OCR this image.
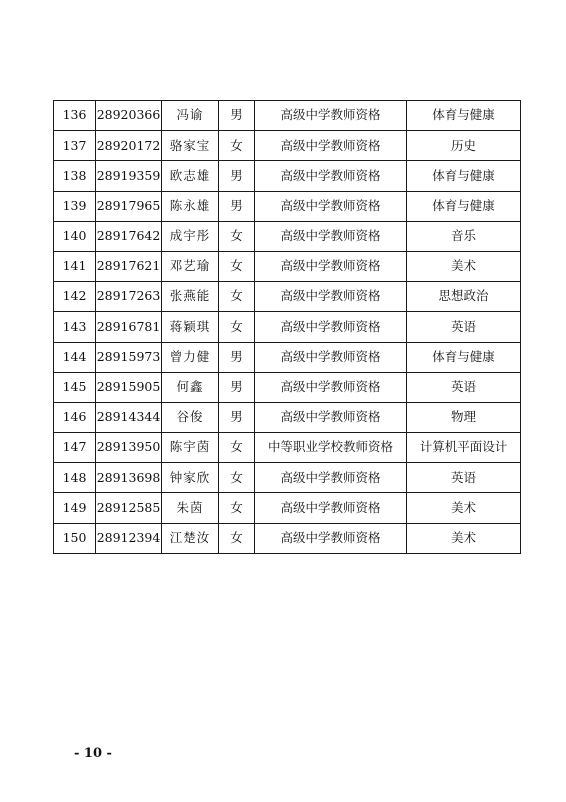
136	28920366	冯谕	男	高级中学教师资格	体育与健康
137	28920172	骆家宝	女	高级中学教师资格	历史
138	28919359	欧志雄	男	高级中学教师资格	体育与健康
139	28917965	陈永雄	男	高级中学教师资格	体育与健康
140	28917642	成宇彤	女	高级中学教师资格	音乐
141	28917621	邓艺瑜	女	高级中学教师资格	美术
142	28917263	张燕能	女	高级中学教师资格	思想政治
143	28916781	蒋颖琪	女	高级中学教师资格	英语
144	28915973	曾力健	男	高级中学教师资格	体育与健康
145	28915905	何鑫	男	高级中学教师资格	英语
146	28914344	谷俊	男	高级中学教师资格	物理
147	28913950	陈宇茵	女	中等职业学校教师资格	计算机平面设计
148	28913698	钟家欣	女	高级中学教师资格	英语
149	28912585	朱茵	女	高级中学教师资格	美术
150	28912394	江楚汝	女	高级中学教师资格	美术
- 10 -
